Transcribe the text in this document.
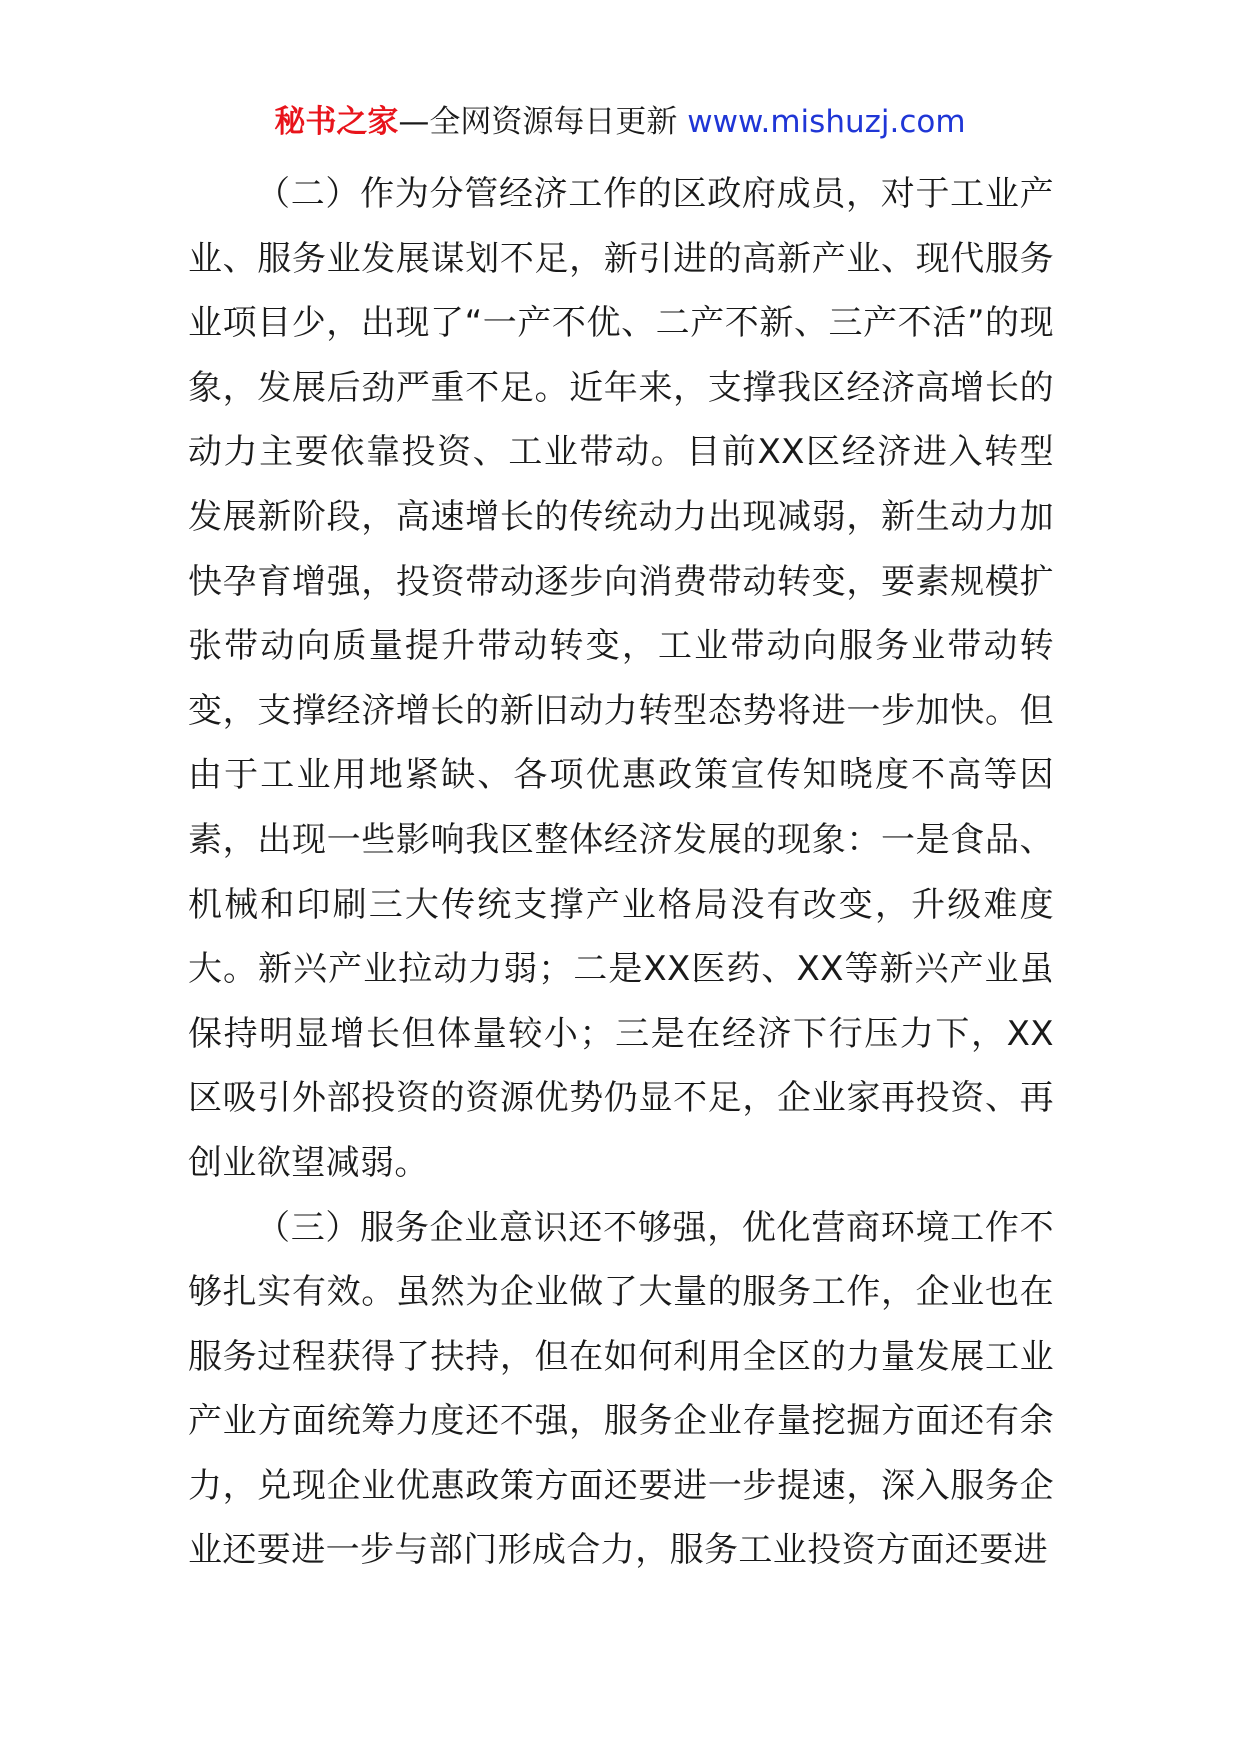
秘书之家—全网资源每日更新 www.mishuzj.com

（二）作为分管经济工作的区政府成员，对于工业产业、服务业发展谋划不足，新引进的高新产业、现代服务业项目少，出现了“一产不优、二产不新、三产不活”的现象，发展后劲严重不足。近年来，支撑我区经济高增长的动力主要依靠投资、工业带动。目前XX区经济进入转型发展新阶段，高速增长的传统动力出现减弱，新生动力加快孕育增强，投资带动逐步向消费带动转变，要素规模扩张带动向质量提升带动转变，工业带动向服务业带动转变，支撑经济增长的新旧动力转型态势将进一步加快。但由于工业用地紧缺、各项优惠政策宣传知晓度不高等因素，出现一些影响我区整体经济发展的现象：一是食品、机械和印刷三大传统支撑产业格局没有改变，升级难度大。新兴产业拉动力弱；二是XX医药、XX等新兴产业虽保持明显增长但体量较小；三是在经济下行压力下，XX区吸引外部投资的资源优势仍显不足，企业家再投资、再创业欲望减弱。

（三）服务企业意识还不够强，优化营商环境工作不够扎实有效。虽然为企业做了大量的服务工作，企业也在服务过程获得了扶持，但在如何利用全区的力量发展工业产业方面统筹力度还不强，服务企业存量挖掘方面还有余力，兑现企业优惠政策方面还要进一步提速，深入服务企业还要进一步与部门形成合力，服务工业投资方面还要进
